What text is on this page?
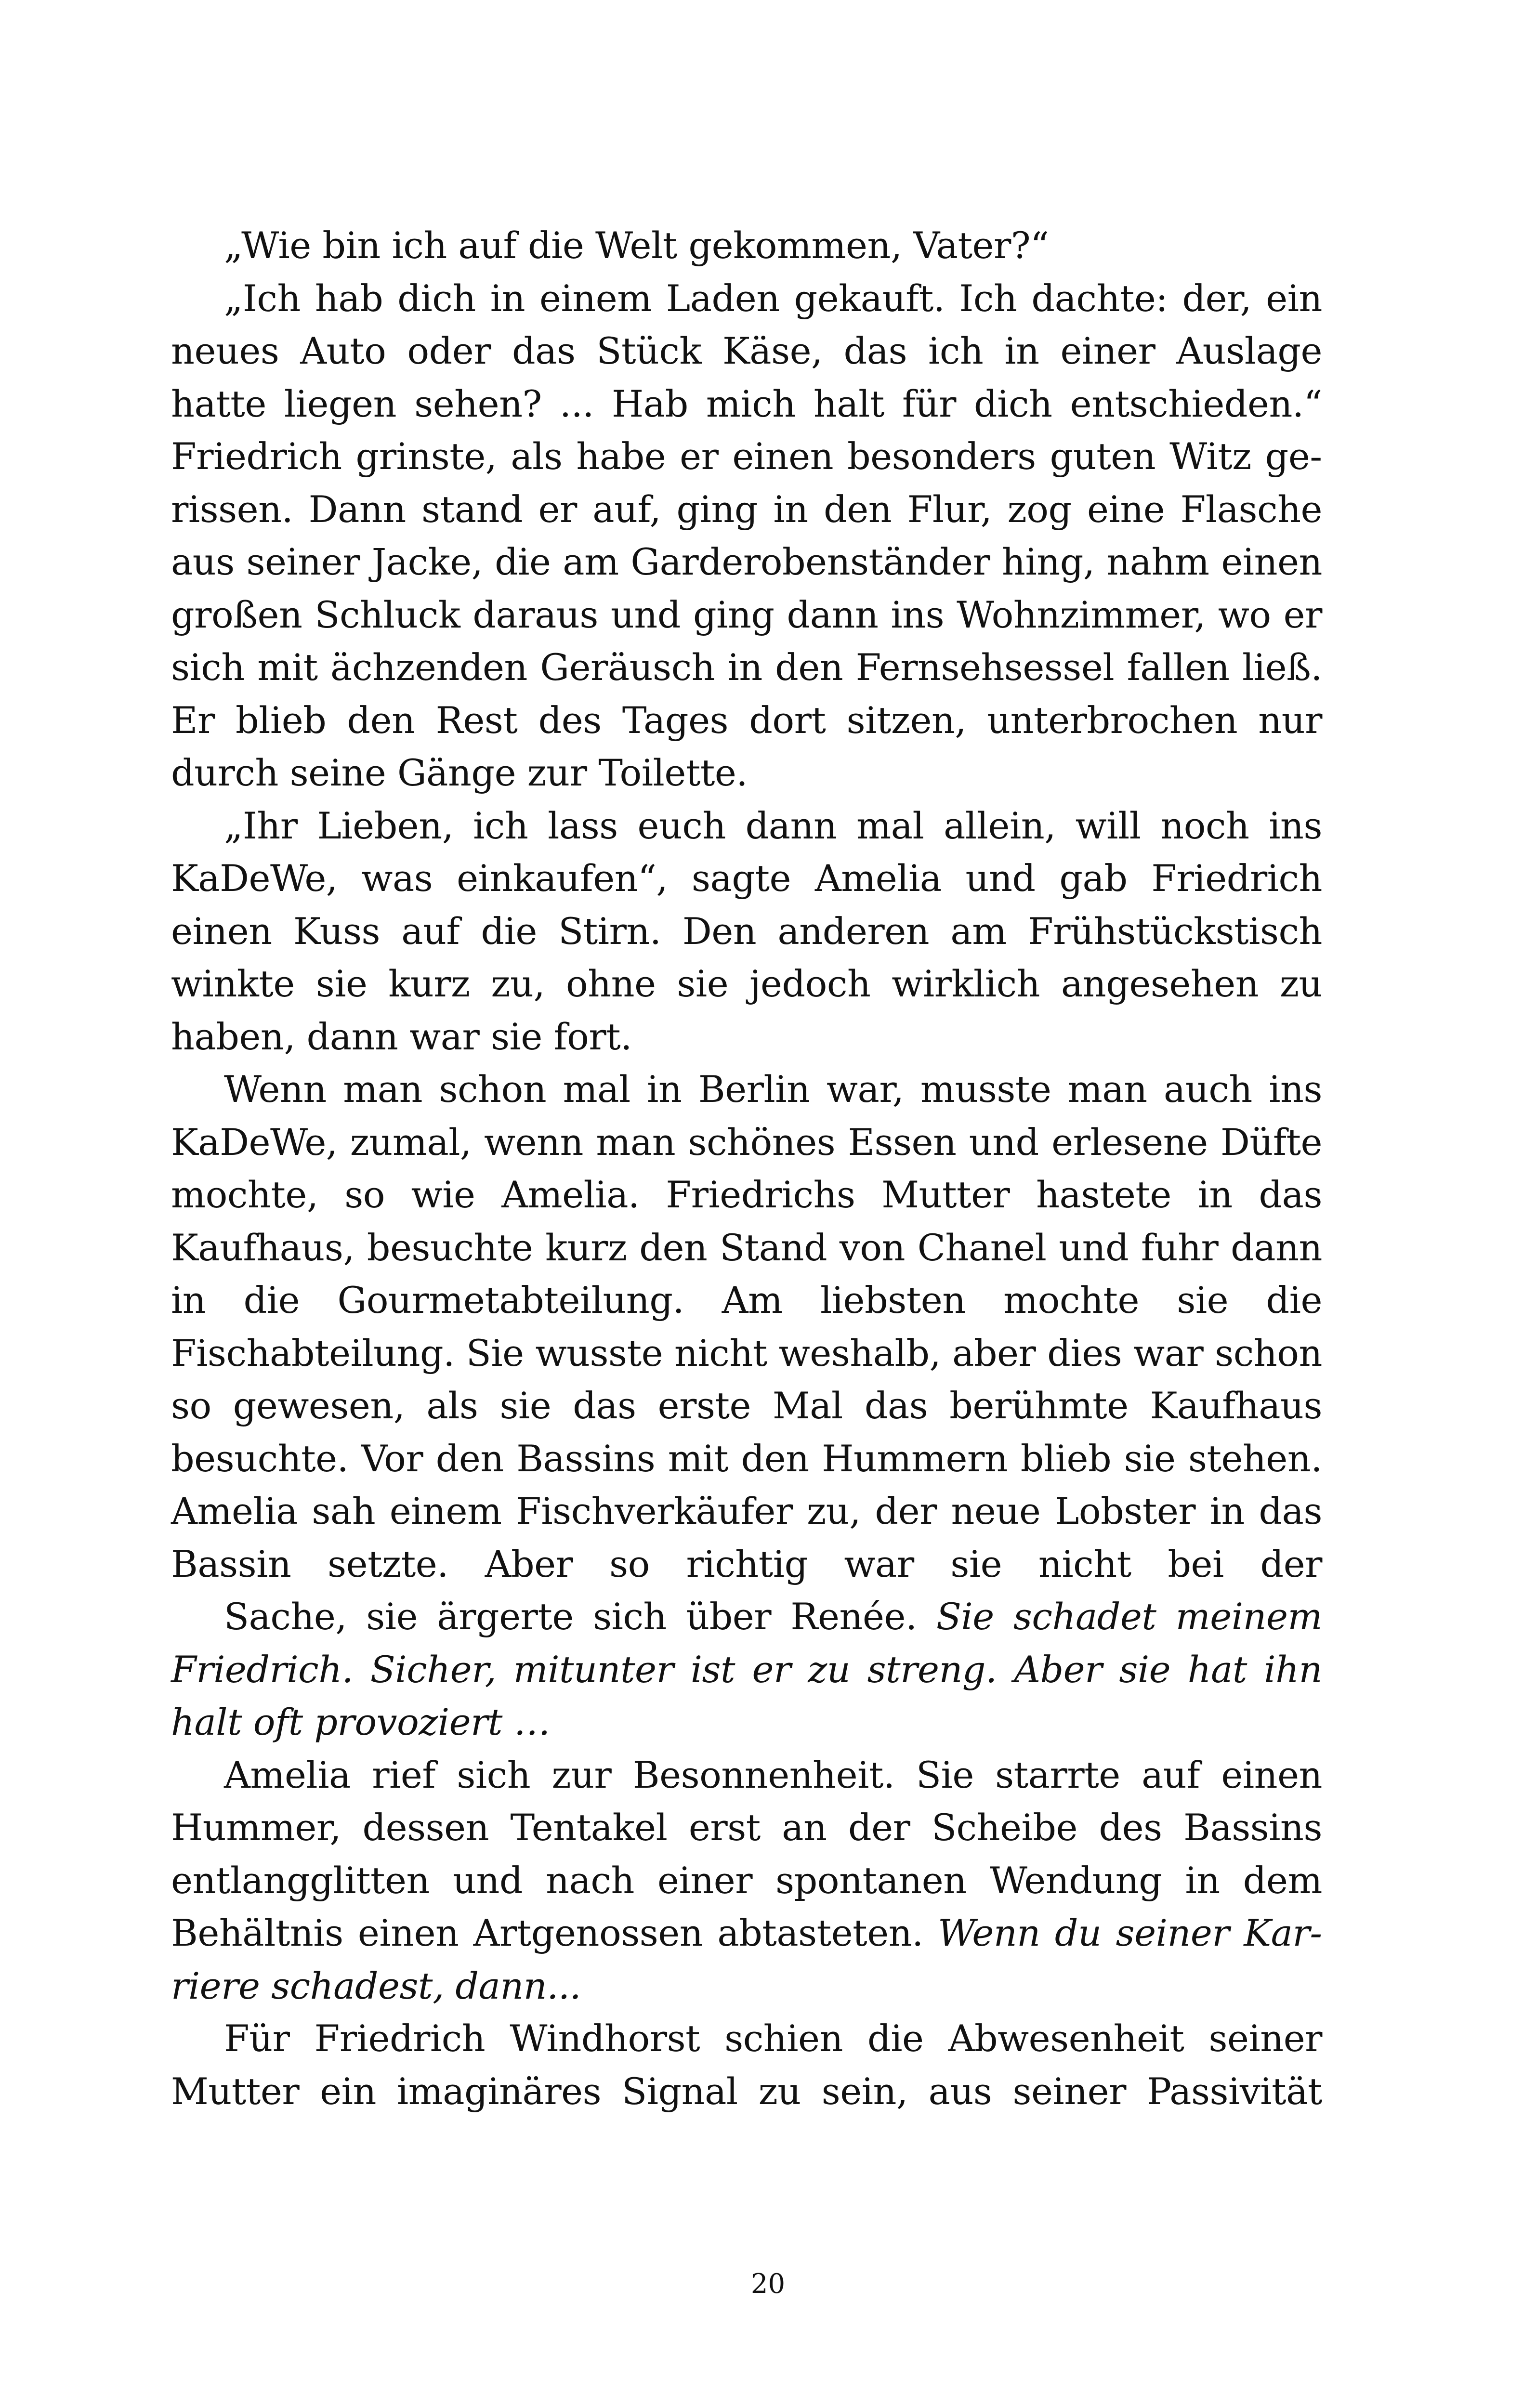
„Wie bin ich auf die Welt gekommen, Vater?“

„Ich hab dich in einem Laden gekauft. Ich dachte: der, ein neues Auto oder das Stück Käse, das ich in einer Auslage hatte liegen sehen? ... Hab mich halt für dich entschieden.“ Friedrich grinste, als habe er einen besonders guten Witz gerissen. Dann stand er auf, ging in den Flur, zog eine Flasche aus seiner Jacke, die am Garderobenständer hing, nahm einen großen Schluck daraus und ging dann ins Wohnzimmer, wo er sich mit ächzenden Geräusch in den Fernsehsessel fallen ließ. Er blieb den Rest des Tages dort sitzen, unterbrochen nur durch seine Gänge zur Toilette.

„Ihr Lieben, ich lass euch dann mal allein, will noch ins KaDeWe, was einkaufen“, sagte Amelia und gab Friedrich einen Kuss auf die Stirn. Den anderen am Frühstückstisch winkte sie kurz zu, ohne sie jedoch wirklich angesehen zu haben, dann war sie fort.

Wenn man schon mal in Berlin war, musste man auch ins KaDeWe, zumal, wenn man schönes Essen und erlesene Düfte mochte, so wie Amelia. Friedrichs Mutter hastete in das Kaufhaus, besuchte kurz den Stand von Chanel und fuhr dann in die Gourmetabteilung. Am liebsten mochte sie die Fischabteilung. Sie wusste nicht weshalb, aber dies war schon so gewesen, als sie das erste Mal das berühmte Kaufhaus besuchte. Vor den Bassins mit den Hummern blieb sie stehen. Amelia sah einem Fischverkäufer zu, der neue Lobster in das Bassin setzte. Aber so richtig war sie nicht bei der

Sache, sie ärgerte sich über Renée. Sie schadet meinem Friedrich. Sicher, mitunter ist er zu streng. Aber sie hat ihn halt oft provoziert …

Amelia rief sich zur Besonnenheit. Sie starrte auf einen Hummer, dessen Tentakel erst an der Scheibe des Bassins entlangglitten und nach einer spontanen Wendung in dem Behältnis einen Artgenossen abtasteten. Wenn du seiner Karriere schadest, dann...

Für Friedrich Windhorst schien die Abwesenheit seiner Mutter ein imaginäres Signal zu sein, aus seiner Passivität

20
